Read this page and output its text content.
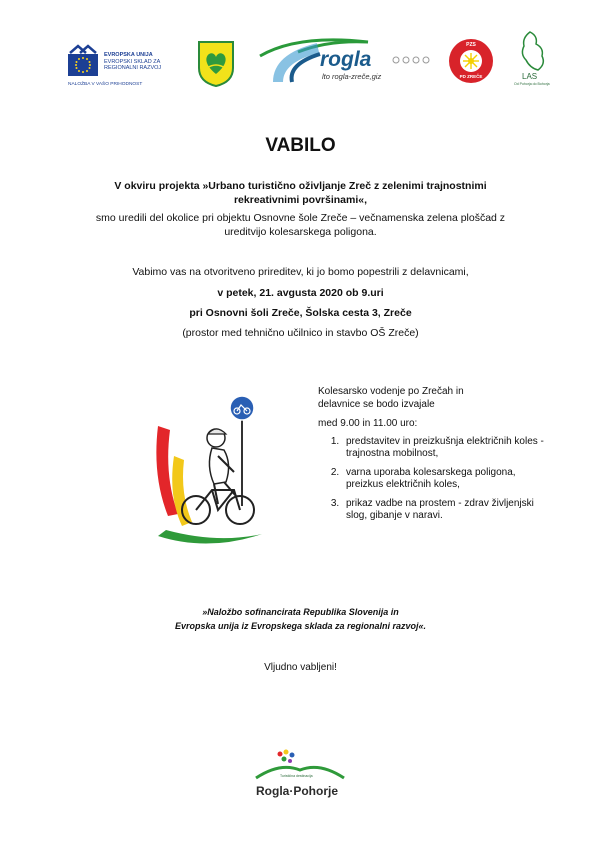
EVROPSKA UNIJA
EVROPSKI SKLAD ZA
REGIONALNI RAZVOJ
NALOŽBA V VAŠO PRIHODNOST
rogla
lto rogla-zreče,giz
PZS
PD ZREČE	LAS
Od Pohorja do Bohorja
VABILO
V okviru projekta »Urbano turistično oživljanje Zreč z zelenimi trajnostnimi
rekreativnimi površinami«,
smo uredili del okolice pri objektu Osnovne šole Zreče – večnamenska zelena ploščad z
ureditvijo kolesarskega poligona.
Vabimo vas na otvoritveno prireditev, ki jo bomo popestrili z delavnicami,
v petek, 21. avgusta 2020 ob 9.uri
pri Osnovni šoli Zreče, Šolska cesta 3, Zreče
(prostor med tehnično učilnico in stavbo OŠ Zreče)

Kolesarsko vodenje po Zrečah in

delavnice se bodo izvajale

med 9.00 in 11.00 uro:

1. predstavitev in preizkušnja električnih koles - trajnostna mobilnost,
2. varna uporaba kolesarskega poligona, preizkus električnih koles,
3. prikaz vadbe na prostem - zdrav življenjski slog, gibanje v naravi.
»Naložbo sofinancirata Republika Slovenija in
Evropska unija iz Evropskega sklada za regionalni razvoj«.
Vljudno vabljeni!
Turistična destinacija
Rogla·Pohorje
